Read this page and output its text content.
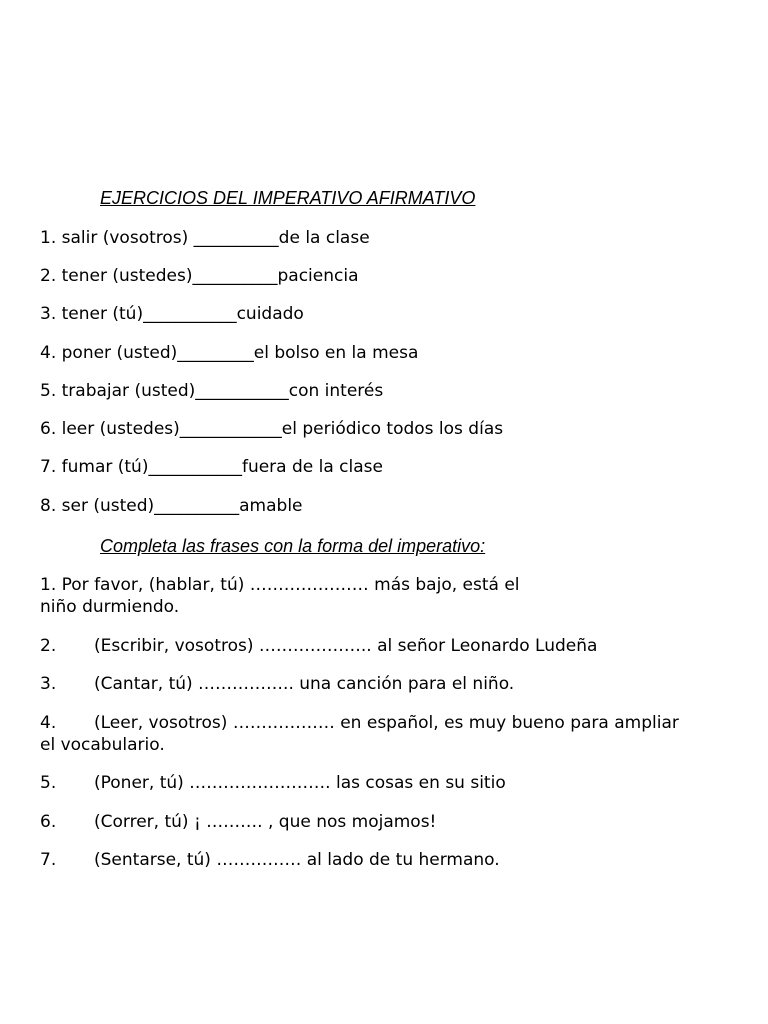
EJERCICIOS DEL IMPERATIVO AFIRMATIVO
1. salir (vosotros) __________de la clase
2. tener (ustedes)__________paciencia
3. tener (tú)___________cuidado
4. poner (usted)_________el bolso en la mesa
5. trabajar (usted)___________con interés
6. leer (ustedes)____________el periódico todos los días
7. fumar (tú)___________fuera de la clase
8. ser (usted)__________amable
Completa las frases con la forma del imperativo:
1. Por favor, (hablar, tú) ………………… más bajo, está el
niño durmiendo.
2. (Escribir, vosotros) ……………….. al señor Leonardo Ludeña
3. (Cantar, tú) …………….. una canción para el niño.
4. (Leer, vosotros) ……………… en español, es muy bueno para ampliar
el vocabulario.
5. (Poner, tú) ……………………. las cosas en su sitio
6. (Correr, tú) ¡ ………. , que nos mojamos!
7. (Sentarse, tú) …………… al lado de tu hermano.
